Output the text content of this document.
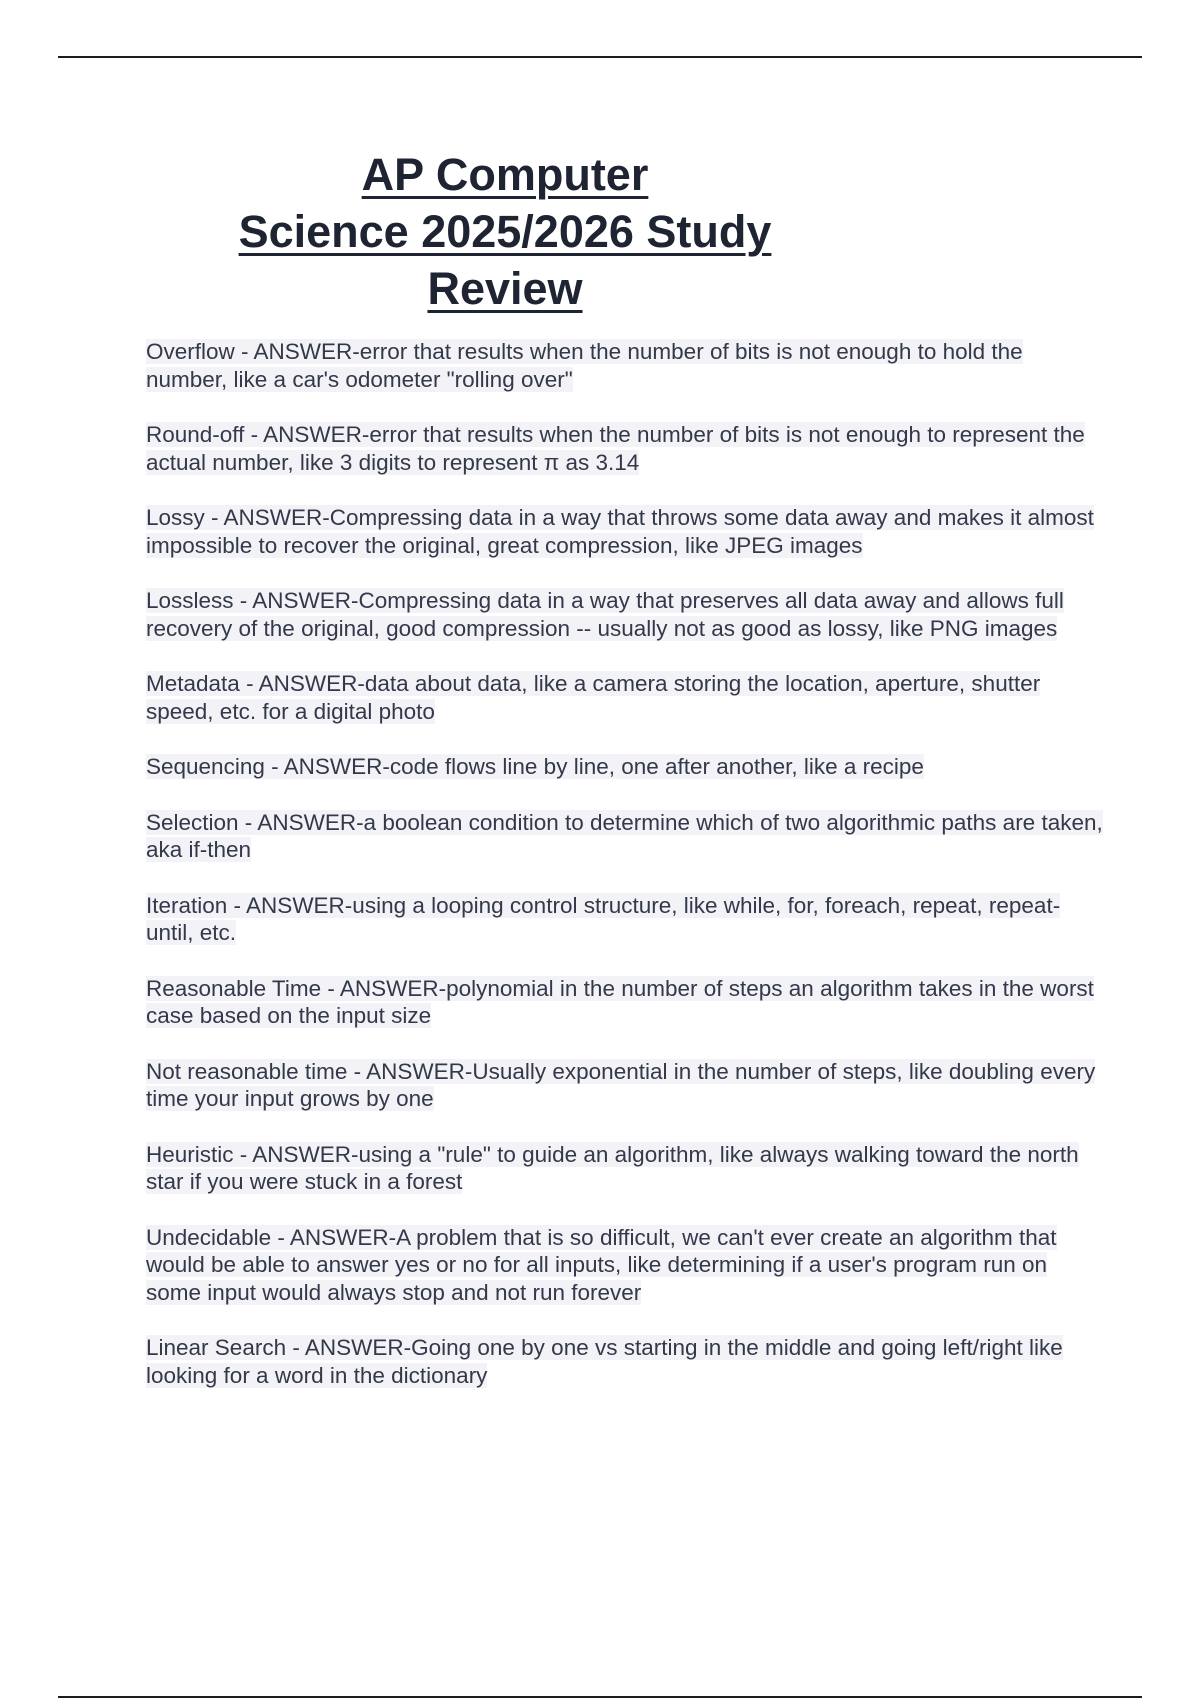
AP Computer
Science 2025/2026 Study
Review
Overflow - ANSWER-error that results when the number of bits is not enough to hold the number, like a car's odometer "rolling over"
Round-off - ANSWER-error that results when the number of bits is not enough to represent the actual number, like 3 digits to represent π as 3.14
Lossy - ANSWER-Compressing data in a way that throws some data away and makes it almost impossible to recover the original, great compression, like JPEG images
Lossless - ANSWER-Compressing data in a way that preserves all data away and allows full recovery of the original, good compression -- usually not as good as lossy, like PNG images
Metadata - ANSWER-data about data, like a camera storing the location, aperture, shutter speed, etc. for a digital photo
Sequencing - ANSWER-code flows line by line, one after another, like a recipe
Selection - ANSWER-a boolean condition to determine which of two algorithmic paths are taken, aka if-then
Iteration - ANSWER-using a looping control structure, like while, for, foreach, repeat, repeat-until, etc.
Reasonable Time - ANSWER-polynomial in the number of steps an algorithm takes in the worst case based on the input size
Not reasonable time - ANSWER-Usually exponential in the number of steps, like doubling every time your input grows by one
Heuristic - ANSWER-using a "rule" to guide an algorithm, like always walking toward the north star if you were stuck in a forest
Undecidable - ANSWER-A problem that is so difficult, we can't ever create an algorithm that would be able to answer yes or no for all inputs, like determining if a user's program run on some input would always stop and not run forever
Linear Search - ANSWER-Going one by one vs starting in the middle and going left/right like looking for a word in the dictionary
